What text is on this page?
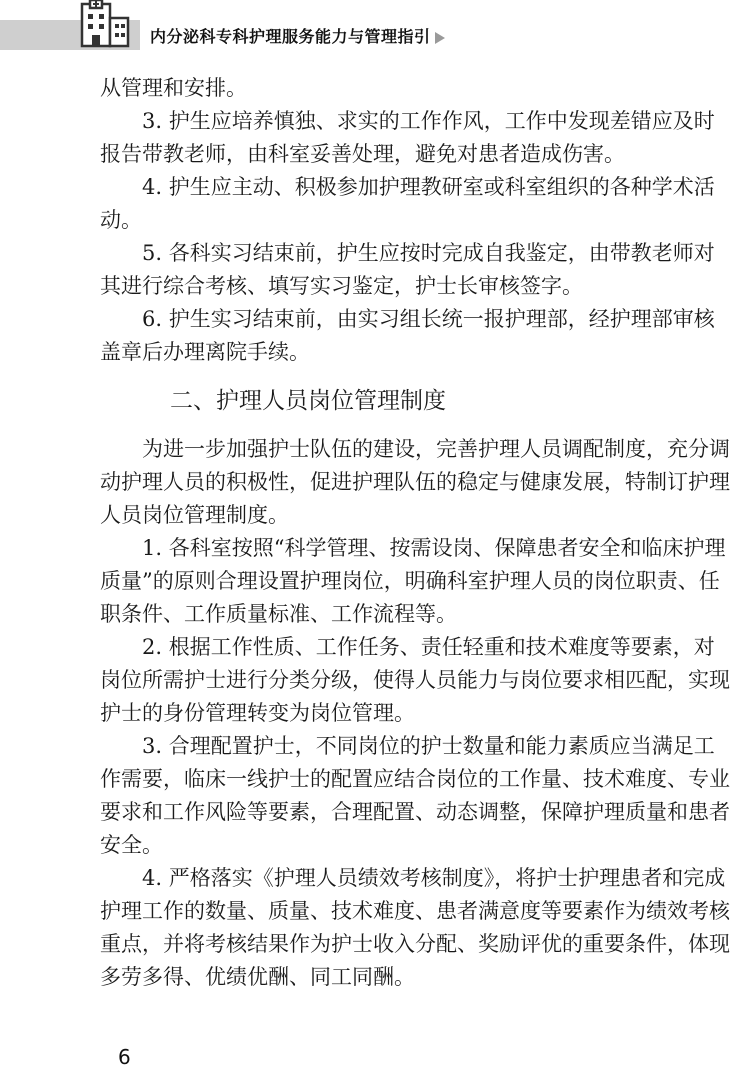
内分泌科专科护理服务能力与管理指引

从管理和安排。

3. 护生应培养慎独、求实的工作作风，工作中发现差错应及时报告带教老师，由科室妥善处理，避免对患者造成伤害。

4. 护生应主动、积极参加护理教研室或科室组织的各种学术活动。

5. 各科实习结束前，护生应按时完成自我鉴定，由带教老师对其进行综合考核、填写实习鉴定，护士长审核签字。

6. 护生实习结束前，由实习组长统一报护理部，经护理部审核盖章后办理离院手续。

二、护理人员岗位管理制度

为进一步加强护士队伍的建设，完善护理人员调配制度，充分调动护理人员的积极性，促进护理队伍的稳定与健康发展，特制订护理人员岗位管理制度。

1. 各科室按照“科学管理、按需设岗、保障患者安全和临床护理质量”的原则合理设置护理岗位，明确科室护理人员的岗位职责、任职条件、工作质量标准、工作流程等。

2. 根据工作性质、工作任务、责任轻重和技术难度等要素，对岗位所需护士进行分类分级，使得人员能力与岗位要求相匹配，实现护士的身份管理转变为岗位管理。

3. 合理配置护士，不同岗位的护士数量和能力素质应当满足工作需要，临床一线护士的配置应结合岗位的工作量、技术难度、专业要求和工作风险等要素，合理配置、动态调整，保障护理质量和患者安全。

4. 严格落实《护理人员绩效考核制度》，将护士护理患者和完成护理工作的数量、质量、技术难度、患者满意度等要素作为绩效考核重点，并将考核结果作为护士收入分配、奖励评优的重要条件，体现多劳多得、优绩优酬、同工同酬。

6
